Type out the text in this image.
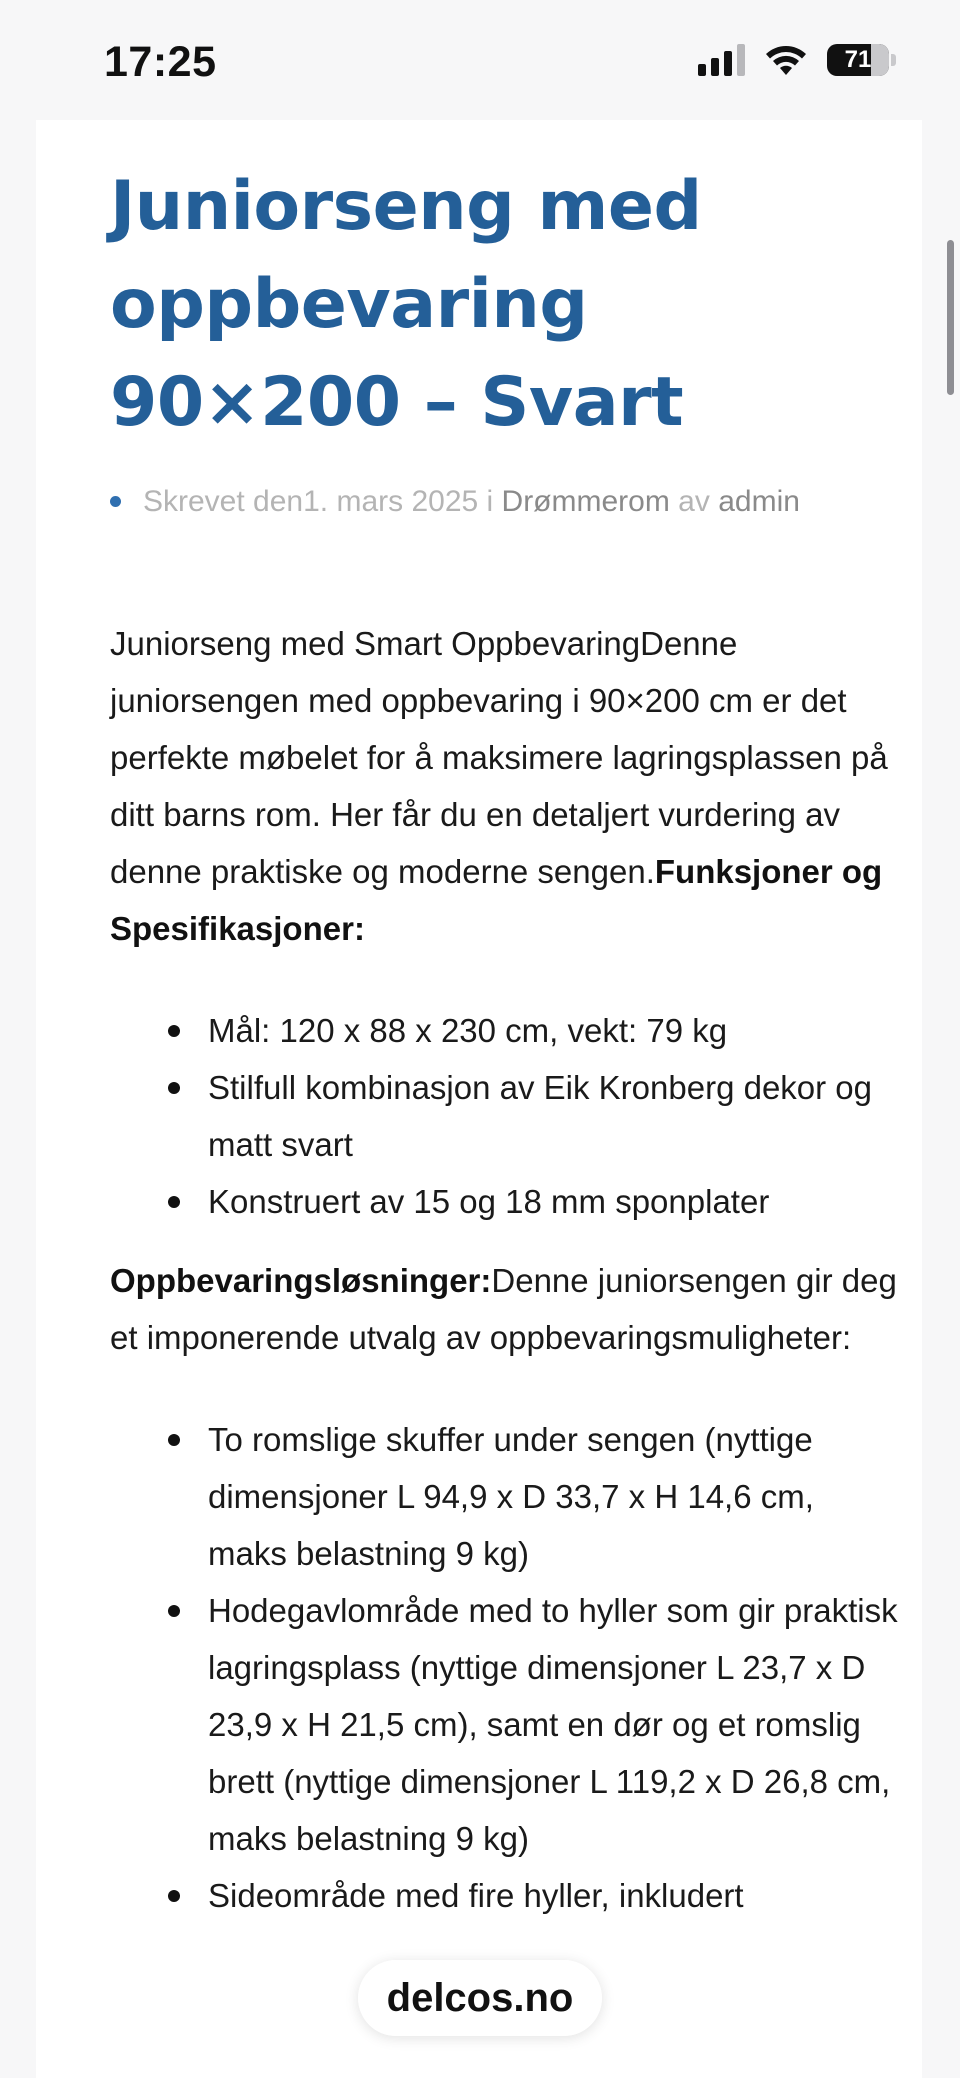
17:25	71
Juniorseng med oppbevaring 90×200 – Svart
Skrevet den1. mars 2025 i Drømmerom av admin

Juniorseng med Smart OppbevaringDenne juniorsengen med oppbevaring i 90×200 cm er det perfekte møbelet for å maksimere lagringsplassen på ditt barns rom. Her får du en detaljert vurdering av denne praktiske og moderne sengen.Funksjoner og Spesifikasjoner:

Mål: 120 x 88 x 230 cm, vekt: 79 kg
Stilfull kombinasjon av Eik Kronberg dekor og matt svart
Konstruert av 15 og 18 mm sponplater

Oppbevaringsløsninger:Denne juniorsengen gir deg et imponerende utvalg av oppbevaringsmuligheter:

To romslige skuffer under sengen (nyttige dimensjoner L 94,9 x D 33,7 x H 14,6 cm, maks belastning 9 kg)
Hodegavlområde med to hyller som gir praktisk lagringsplass (nyttige dimensjoner L 23,7 x D 23,9 x H 21,5 cm), samt en dør og et romslig brett (nyttige dimensjoner L 119,2 x D 26,8 cm, maks belastning 9 kg)
Sideområde med fire hyller, inkludert
delcos.no
